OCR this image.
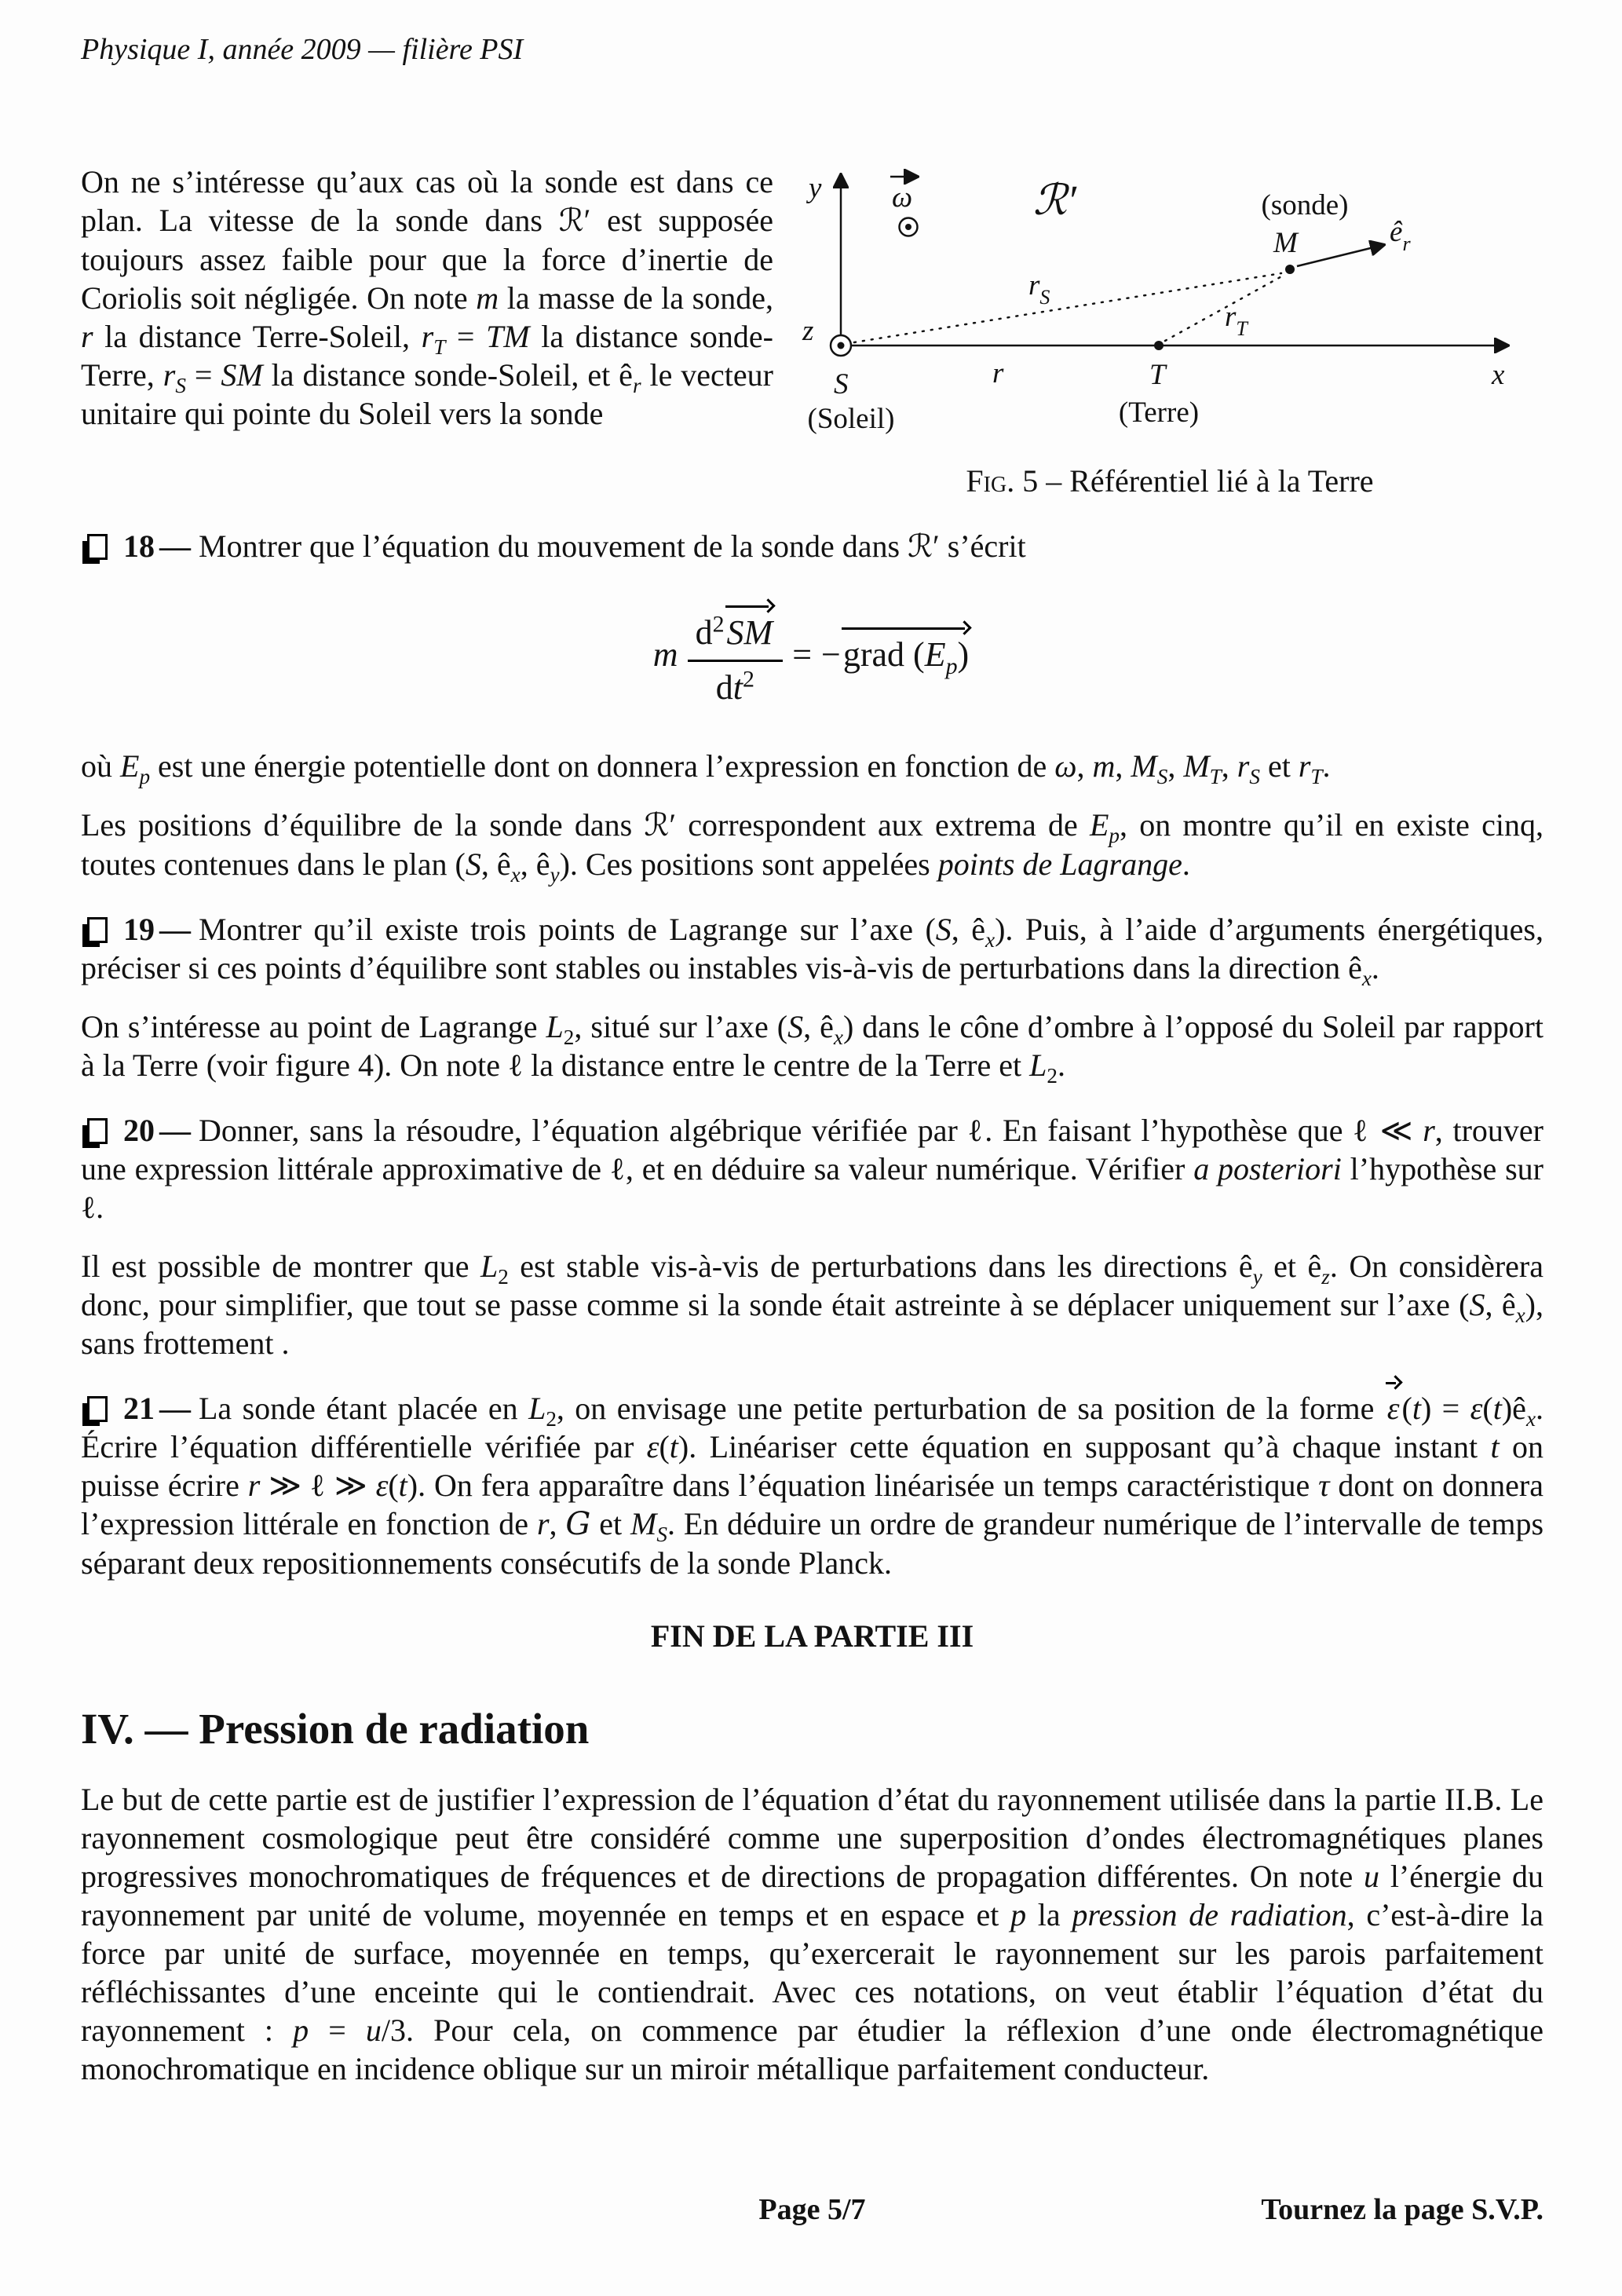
Physique I, année 2009 — filière PSI
On ne s’intéresse qu’aux cas où la sonde est dans ce plan. La vitesse de la sonde dans ℛ′ est supposée toujours assez faible pour que la force d’inertie de Coriolis soit négligée. On note m la masse de la sonde, r la distance Terre-Soleil, $r_T$ = TM la distance sonde-Terre, $r_S$ = SM la distance sonde-Soleil, et $ê_r$ le vecteur unitaire qui pointe du Soleil vers la sonde
y
x
z
ω	ℛ′
S
(Soleil)
T
(Terre)
M
(sonde)
$ê_r$
$r_S$
$r_T$
r
Fig. 5 – Référentiel lié à la Terre
18 — Montrer que l’équation du mouvement de la sonde dans ℛ′ s’écrit
m $\frac{d^2SM}{dt^2}$ = −grad $(E_p)$

où $E_p$ est une énergie potentielle dont on donnera l’expression en fonction de ω, m, $M_S$, $M_T$, $r_S$ et $r_T$.

Les positions d’équilibre de la sonde dans ℛ′ correspondent aux extrema de $E_p$, on montre qu’il en existe cinq, toutes contenues dans le plan (S, $ê_x$, $ê_y$). Ces positions sont appelées points de Lagrange.

19 — Montrer qu’il existe trois points de Lagrange sur l’axe (S, $ê_x$). Puis, à l’aide d’arguments énergétiques, préciser si ces points d’équilibre sont stables ou instables vis-à-vis de perturbations dans la direction $ê_x$.

On s’intéresse au point de Lagrange $L_2$, situé sur l’axe (S, $ê_x$) dans le cône d’ombre à l’opposé du Soleil par rapport à la Terre (voir figure 4). On note ℓ la distance entre le centre de la Terre et $L_2$.

20 — Donner, sans la résoudre, l’équation algébrique vérifiée par ℓ. En faisant l’hypothèse que ℓ ≪ r, trouver une expression littérale approximative de ℓ, et en déduire sa valeur numérique. Vérifier a posteriori l’hypothèse sur ℓ.

Il est possible de montrer que $L_2$ est stable vis-à-vis de perturbations dans les directions $ê_y$ et $ê_z$. On considèrera donc, pour simplifier, que tout se passe comme si la sonde était astreinte à se déplacer uniquement sur l’axe (S, $ê_x$), sans frottement .

21 — La sonde étant placée en $L_2$, on envisage une petite perturbation de sa position de la forme $\varepsilon(t) = \varepsilon(t)ê_x$. Écrire l’équation différentielle vérifiée par ε(t). Linéariser cette équation en supposant qu’à chaque instant t on puisse écrire r ≫ ℓ ≫ ε(t). On fera apparaître dans l’équation linéarisée un temps caractéristique τ dont on donnera l’expression littérale en fonction de r, G et $M_S$. En déduire un ordre de grandeur numérique de l’intervalle de temps séparant deux repositionnements consécutifs de la sonde Planck.
FIN DE LA PARTIE III
IV. — Pression de radiation

Le but de cette partie est de justifier l’expression de l’équation d’état du rayonnement utilisée dans la partie II.B. Le rayonnement cosmologique peut être considéré comme une superposition d’ondes électromagnétiques planes progressives monochromatiques de fréquences et de directions de propagation différentes. On note u l’énergie du rayonnement par unité de volume, moyennée en temps et en espace et p la pression de radiation, c’est-à-dire la force par unité de surface, moyennée en temps, qu’exercerait le rayonnement sur les parois parfaitement réfléchissantes d’une enceinte qui le contiendrait. Avec ces notations, on veut établir l’équation d’état du rayonnement : p = u/3. Pour cela, on commence par étudier la réflexion d’une onde électromagnétique monochromatique en incidence oblique sur un miroir métallique parfaitement conducteur.

Page 5/7	Tournez la page S.V.P.
